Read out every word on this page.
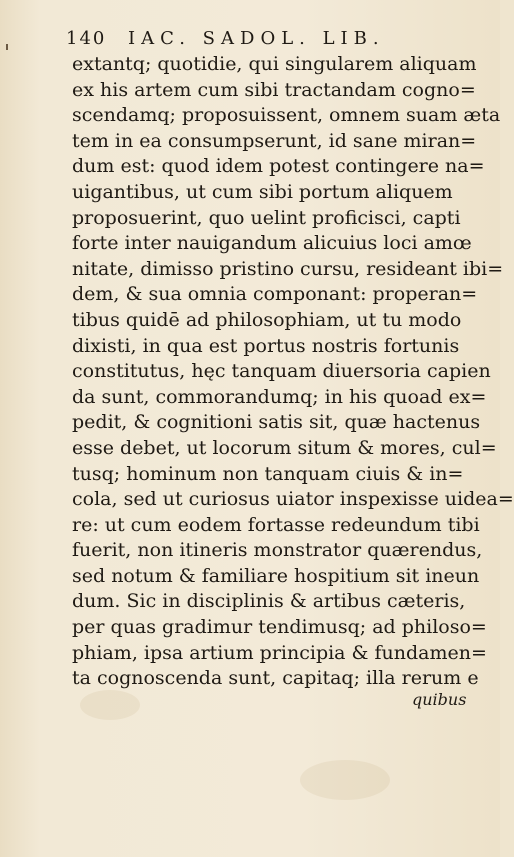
140 IAC. SADOL. LIB.
extantq; quotidie, qui singularem aliquam
ex his artem cum sibi tractandam cogno=
scendamq; proposuissent, omnem suam æta
tem in ea consumpserunt, id sane miran=
dum est: quod idem potest contingere na=
uigantibus, ut cum sibi portum aliquem
proposuerint, quo uelint proficisci, capti
forte inter nauigandum alicuius loci amœ
nitate, dimisso pristino cursu, resideant ibi=
dem, & sua omnia componant: properan=
tibus quidē ad philosophiam, ut tu modo
dixisti, in qua est portus nostris fortunis
constitutus, hęc tanquam diuersoria capien
da sunt, commorandumq; in his quoad ex=
pedit, & cognitioni satis sit, quæ hactenus
esse debet, ut locorum situm & mores, cul=
tusq; hominum non tanquam ciuis & in=
cola, sed ut curiosus uiator inspexisse uidea=
re: ut cum eodem fortasse redeundum tibi
fuerit, non itineris monstrator quærendus,
sed notum & familiare hospitium sit ineun
dum. Sic in disciplinis & artibus cæteris,
per quas gradimur tendimusq; ad philoso=
phiam, ipsa artium principia & fundamen=
ta cognoscenda sunt, capitaq; illa rerum e
quibus
